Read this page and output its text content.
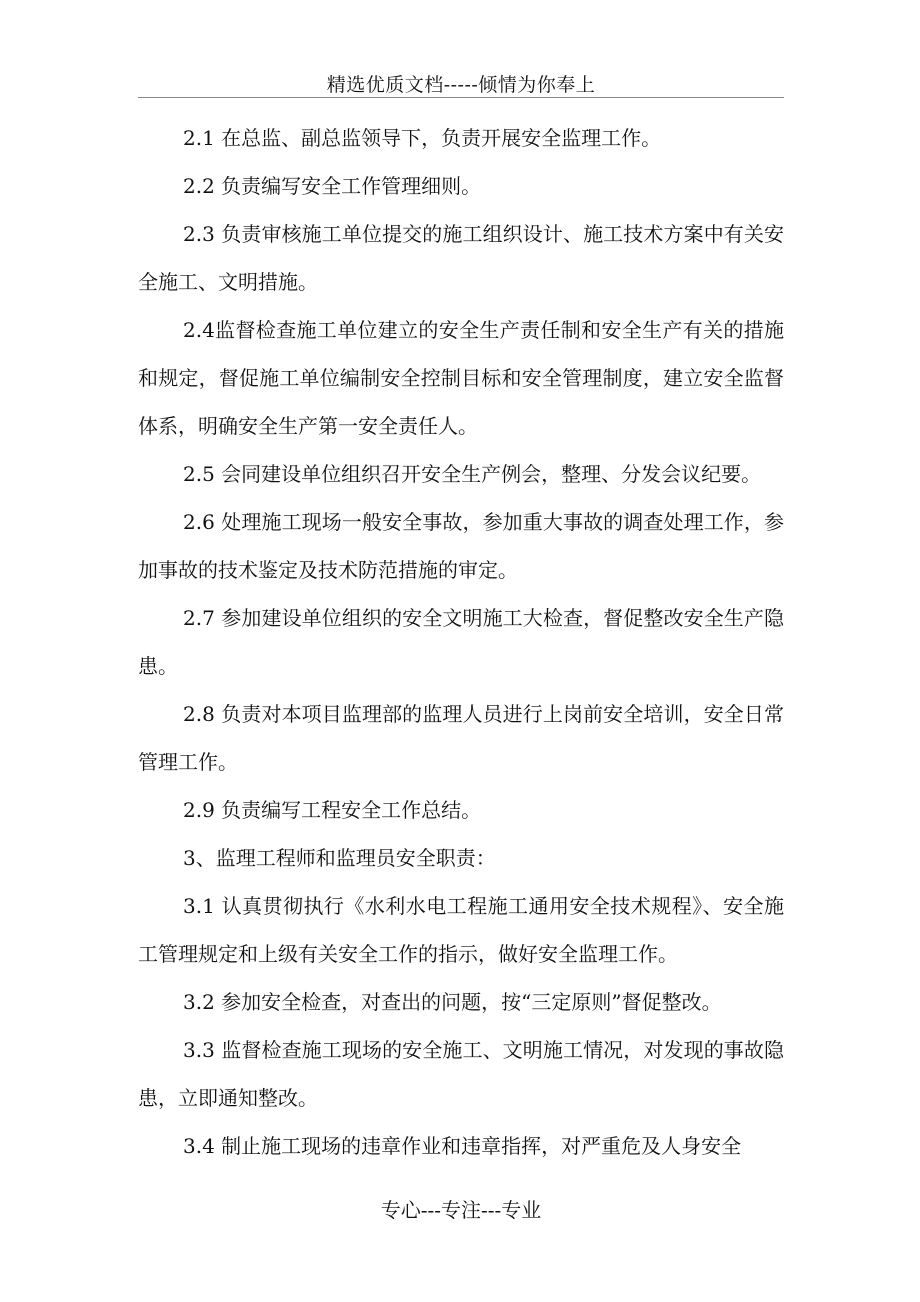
精选优质文档-----倾情为你奉上

2.1 在总监、副总监领导下，负责开展安全监理工作。

2.2 负责编写安全工作管理细则。

2.3 负责审核施工单位提交的施工组织设计、施工技术方案中有关安全施工、文明措施。

2.4监督检查施工单位建立的安全生产责任制和安全生产有关的措施和规定，督促施工单位编制安全控制目标和安全管理制度，建立安全监督体系，明确安全生产第一安全责任人。

2.5 会同建设单位组织召开安全生产例会，整理、分发会议纪要。

2.6 处理施工现场一般安全事故，参加重大事故的调查处理工作，参加事故的技术鉴定及技术防范措施的审定。

2.7 参加建设单位组织的安全文明施工大检查，督促整改安全生产隐患。

2.8 负责对本项目监理部的监理人员进行上岗前安全培训，安全日常管理工作。

2.9 负责编写工程安全工作总结。

3、监理工程师和监理员安全职责：

3.1 认真贯彻执行《水利水电工程施工通用安全技术规程》、安全施工管理规定和上级有关安全工作的指示，做好安全监理工作。

3.2 参加安全检查，对查出的问题，按“三定原则”督促整改。

3.3 监督检查施工现场的安全施工、文明施工情况，对发现的事故隐患，立即通知整改。

3.4 制止施工现场的违章作业和违章指挥，对严重危及人身安全

专心---专注---专业
